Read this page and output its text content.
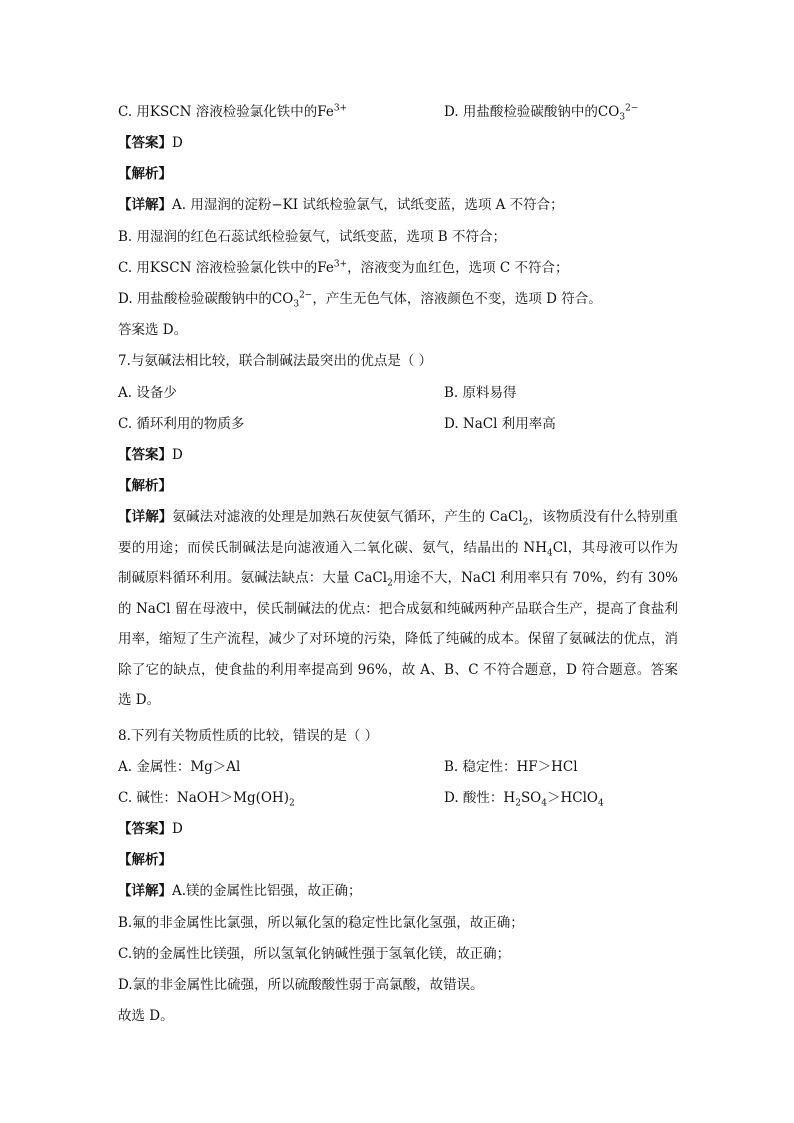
C. 用KSCN 溶液检验氯化铁中的$Fe^{3+}$	D. 用盐酸检验碳酸钠中的$CO_3^{2-}$
【答案】D
【解析】
【详解】A. 用湿润的淀粉−KI 试纸检验氯气，试纸变蓝，选项 A 不符合；
B. 用湿润的红色石蕊试纸检验氨气，试纸变蓝，选项 B 不符合；
C. 用KSCN 溶液检验氯化铁中的$Fe^{3+}$，溶液变为血红色，选项 C 不符合；
D. 用盐酸检验碳酸钠中的$CO_3^{2-}$，产生无色气体，溶液颜色不变，选项 D 符合。
答案选 D。
7.与氨碱法相比较，联合制碱法最突出的优点是（ ）
A. 设备少	B. 原料易得
C. 循环利用的物质多	D. NaCl 利用率高
【答案】D
【解析】
【详解】氨碱法对滤液的处理是加熟石灰使氨气循环，产生的 CaCl$_2$，该物质没有什么特别重要的用途；而侯氏制碱法是向滤液通入二氧化碳、氨气，结晶出的 $NH_4Cl$，其母液可以作为制碱原料循环利用。氨碱法缺点：大量 CaCl$_2$用途不大，NaCl 利用率只有 70%，约有 30%的 NaCl 留在母液中，侯氏制碱法的优点：把合成氨和纯碱两种产品联合生产，提高了食盐利用率，缩短了生产流程，减少了对环境的污染，降低了纯碱的成本。保留了氨碱法的优点，消除了它的缺点，使食盐的利用率提高到 96%，故 A、B、C 不符合题意，D 符合题意。答案选 D。
8.下列有关物质性质的比较，错误的是（ ）
A. 金属性：Mg＞Al	B. 稳定性：HF＞HCl
C. 碱性：$NaOH>Mg(OH)_2$	D. 酸性：$H_2SO_4>HClO_4$
【答案】D
【解析】
【详解】A.镁的金属性比铝强，故正确；
B.氟的非金属性比氯强，所以氟化氢的稳定性比氯化氢强，故正确；
C.钠的金属性比镁强，所以氢氧化钠碱性强于氢氧化镁，故正确；
D.氯的非金属性比硫强，所以硫酸酸性弱于高氯酸，故错误。
故选 D。
